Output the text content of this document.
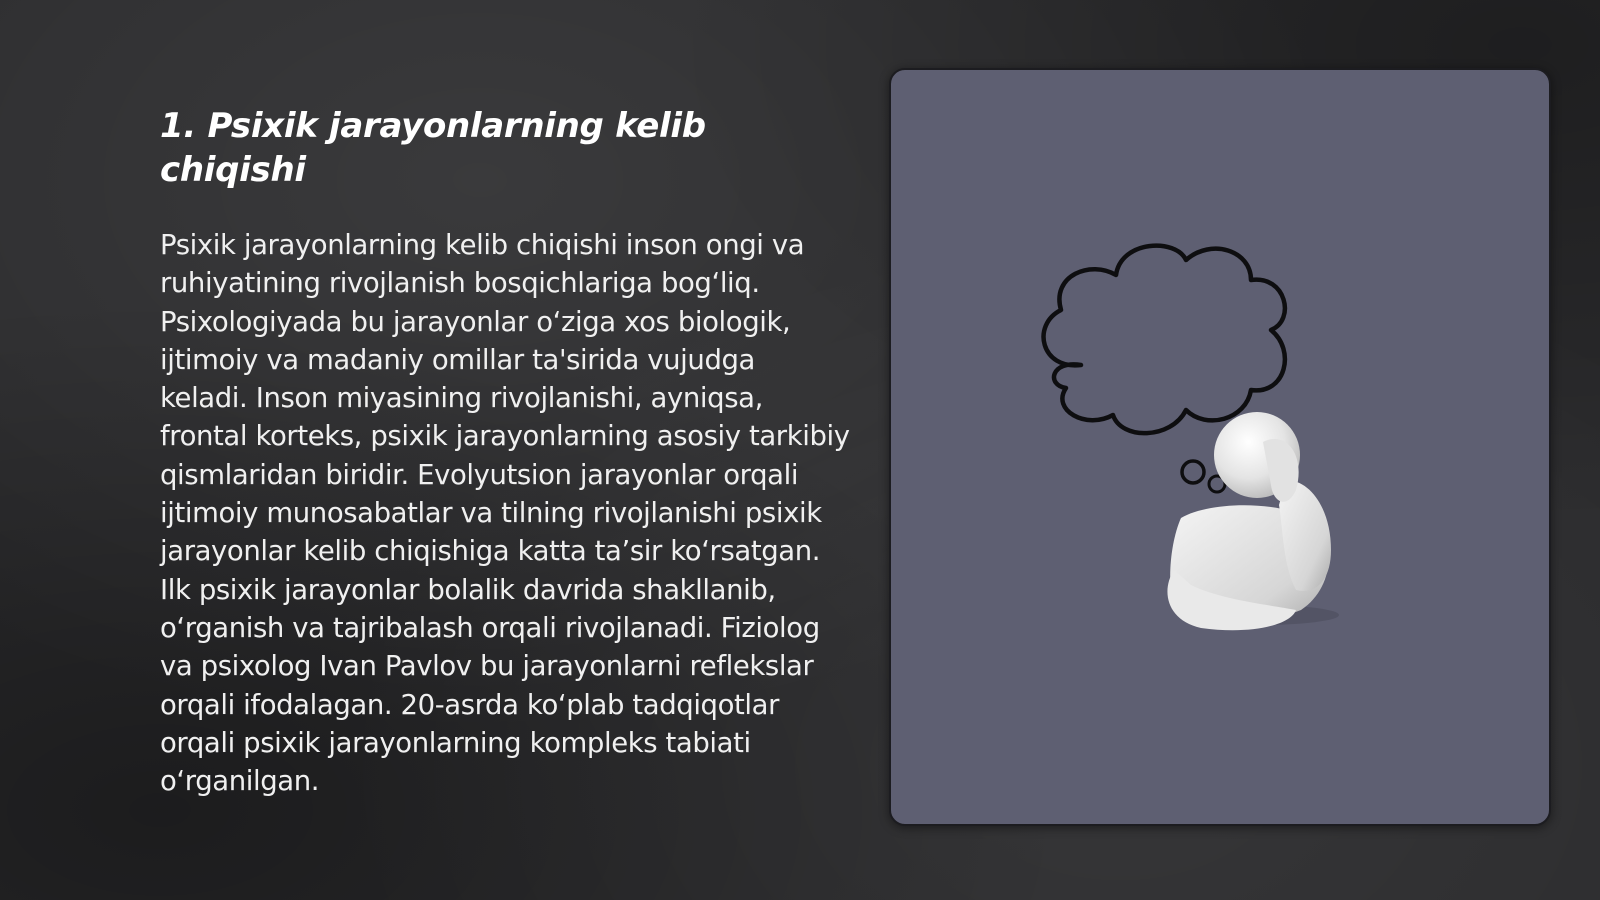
1. Psixik jarayonlarning kelib chiqishi

Psixik jarayonlarning kelib chiqishi inson ongi va ruhiyatining rivojlanish bosqichlariga bog‘liq. Psixologiyada bu jarayonlar o‘ziga xos biologik, ijtimoiy va madaniy omillar ta'sirida vujudga keladi. Inson miyasining rivojlanishi, ayniqsa, frontal korteks, psixik jarayonlarning asosiy tarkibiy qismlaridan biridir. Evolyutsion jarayonlar orqali ijtimoiy munosabatlar va tilning rivojlanishi psixik jarayonlar kelib chiqishiga katta ta’sir ko‘rsatgan. Ilk psixik jarayonlar bolalik davrida shakllanib, o‘rganish va tajribalash orqali rivojlanadi. Fiziolog va psixolog Ivan Pavlov bu jarayonlarni reflekslar orqali ifodalagan. 20-asrda ko‘plab tadqiqotlar orqali psixik jarayonlarning kompleks tabiati o‘rganilgan.
